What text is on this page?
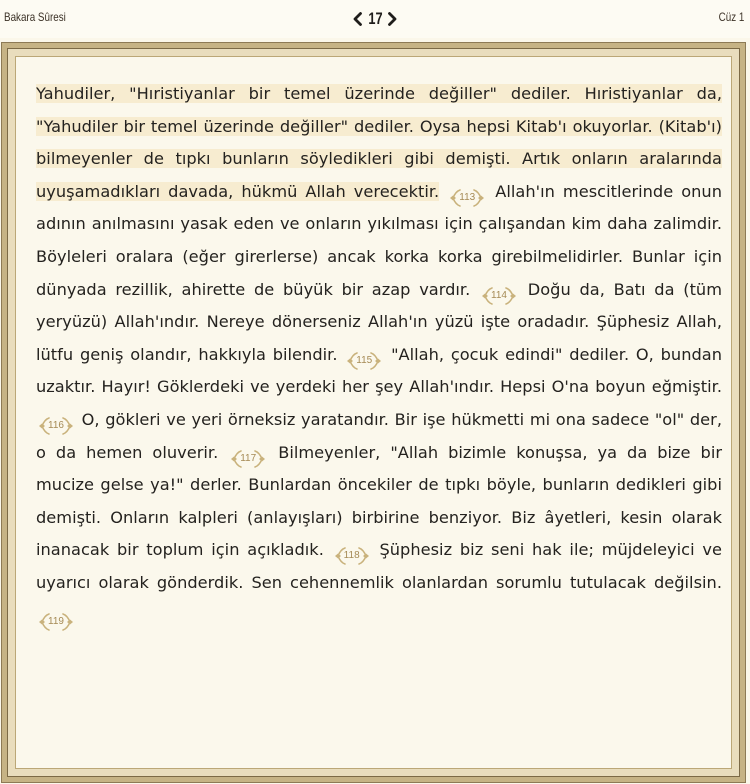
Bakara Sûresi	17	Cüz 1
Yahudiler, "Hıristiyanlar bir temel üzerinde değiller" dediler. Hıristiyanlar da, "Yahudiler bir temel üzerinde değiller" dediler. Oysa hepsi Kitab'ı okuyorlar. (Kitab'ı) bilmeyenler de tıpkı bunların söyledikleri gibi demişti. Artık onların aralarında uyuşamadıkları davada, hükmü Allah verecektir. 113 Allah'ın mescitlerinde onun adının anılmasını yasak eden ve onların yıkılması için çalışandan kim daha zalimdir. Böyleleri oralara (eğer girerlerse) ancak korka korka girebilmelidirler. Bunlar için dünyada rezillik, ahirette de büyük bir azap vardır. 114 Doğu da, Batı da (tüm yeryüzü) Allah'ındır. Nereye dönerseniz Allah'ın yüzü işte oradadır. Şüphesiz Allah, lütfu geniş olandır, hakkıyla bilendir. 115 "Allah, çocuk edindi" dediler. O, bundan uzaktır. Hayır! Göklerdeki ve yerdeki her şey Allah'ındır. Hepsi O'na boyun eğmiştir.
116 O, gökleri ve yeri örneksiz yaratandır. Bir işe hükmetti mi ona sadece "ol" der, o da hemen oluverir. 117 Bilmeyenler, "Allah bizimle konuşsa, ya da bize bir mucize gelse ya!" derler. Bunlardan öncekiler de tıpkı böyle, bunların dedikleri gibi demişti. Onların kalpleri (anlayışları) birbirine benziyor. Biz âyetleri, kesin olarak inanacak bir toplum için açıkladık. 118 Şüphesiz biz seni hak ile; müjdeleyici ve uyarıcı olarak gönderdik. Sen cehennemlik olanlardan sorumlu tutulacak değilsin.
119
